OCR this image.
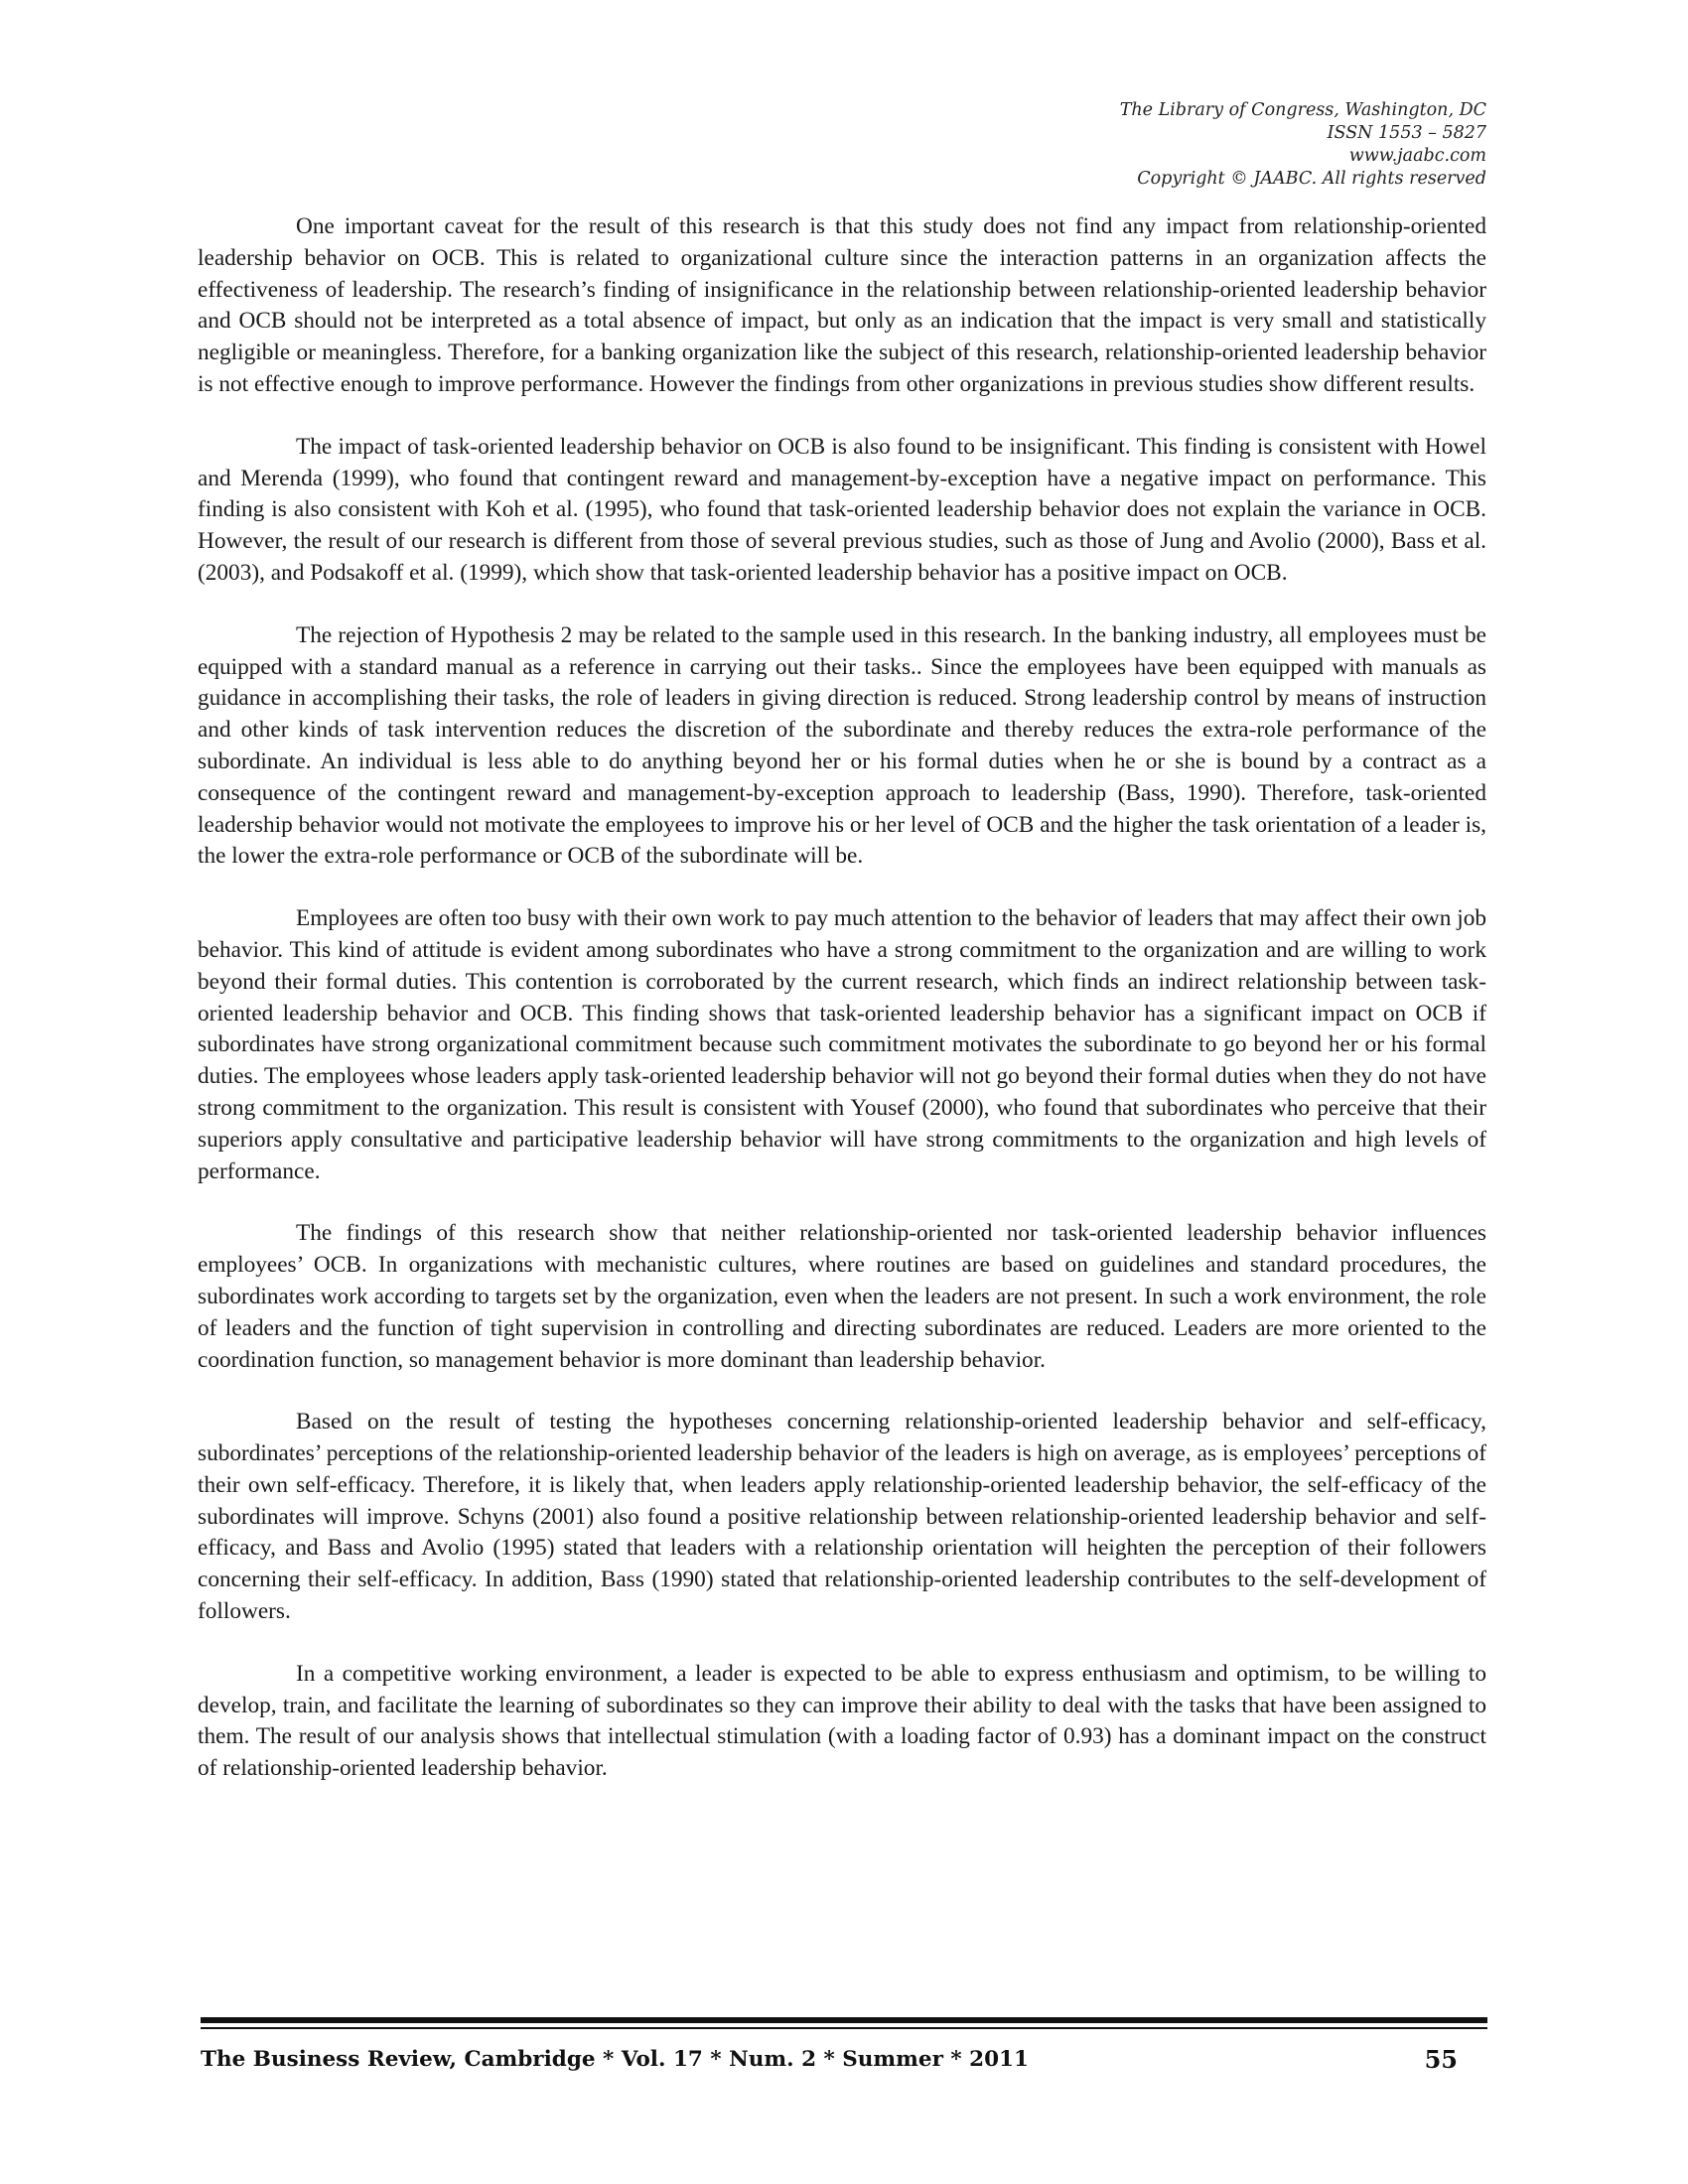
The Library of Congress, Washington, DC
ISSN 1553 – 5827
www.jaabc.com
Copyright © JAABC. All rights reserved

One important caveat for the result of this research is that this study does not find any impact from relationship-oriented leadership behavior on OCB. This is related to organizational culture since the interaction patterns in an organization affects the effectiveness of leadership. The research’s finding of insignificance in the relationship between relationship-oriented leadership behavior and OCB should not be interpreted as a total absence of impact, but only as an indication that the impact is very small and statistically negligible or meaningless. Therefore, for a banking organization like the subject of this research, relationship-oriented leadership behavior is not effective enough to improve performance. However the findings from other organizations in previous studies show different results.

The impact of task-oriented leadership behavior on OCB is also found to be insignificant. This finding is consistent with Howel and Merenda (1999), who found that contingent reward and management-by-exception have a negative impact on performance. This finding is also consistent with Koh et al. (1995), who found that task-oriented leadership behavior does not explain the variance in OCB. However, the result of our research is different from those of several previous studies, such as those of Jung and Avolio (2000), Bass et al. (2003), and Podsakoff et al. (1999), which show that task-oriented leadership behavior has a positive impact on OCB.

The rejection of Hypothesis 2 may be related to the sample used in this research. In the banking industry, all employees must be equipped with a standard manual as a reference in carrying out their tasks.. Since the employees have been equipped with manuals as guidance in accomplishing their tasks, the role of leaders in giving direction is reduced. Strong leadership control by means of instruction and other kinds of task intervention reduces the discretion of the subordinate and thereby reduces the extra-role performance of the subordinate. An individual is less able to do anything beyond her or his formal duties when he or she is bound by a contract as a consequence of the contingent reward and management-by-exception approach to leadership (Bass, 1990). Therefore, task-oriented leadership behavior would not motivate the employees to improve his or her level of OCB and the higher the task orientation of a leader is, the lower the extra-role performance or OCB of the subordinate will be.

Employees are often too busy with their own work to pay much attention to the behavior of leaders that may affect their own job behavior. This kind of attitude is evident among subordinates who have a strong commitment to the organization and are willing to work beyond their formal duties. This contention is corroborated by the current research, which finds an indirect relationship between task-oriented leadership behavior and OCB. This finding shows that task-oriented leadership behavior has a significant impact on OCB if subordinates have strong organizational commitment because such commitment motivates the subordinate to go beyond her or his formal duties. The employees whose leaders apply task-oriented leadership behavior will not go beyond their formal duties when they do not have strong commitment to the organization. This result is consistent with Yousef (2000), who found that subordinates who perceive that their superiors apply consultative and participative leadership behavior will have strong commitments to the organization and high levels of performance.

The findings of this research show that neither relationship-oriented nor task-oriented leadership behavior influences employees’ OCB. In organizations with mechanistic cultures, where routines are based on guidelines and standard procedures, the subordinates work according to targets set by the organization, even when the leaders are not present. In such a work environment, the role of leaders and the function of tight supervision in controlling and directing subordinates are reduced. Leaders are more oriented to the coordination function, so management behavior is more dominant than leadership behavior.

Based on the result of testing the hypotheses concerning relationship-oriented leadership behavior and self-efficacy, subordinates’ perceptions of the relationship-oriented leadership behavior of the leaders is high on average, as is employees’ perceptions of their own self-efficacy. Therefore, it is likely that, when leaders apply relationship-oriented leadership behavior, the self-efficacy of the subordinates will improve. Schyns (2001) also found a positive relationship between relationship-oriented leadership behavior and self-efficacy, and Bass and Avolio (1995) stated that leaders with a relationship orientation will heighten the perception of their followers concerning their self-efficacy. In addition, Bass (1990) stated that relationship-oriented leadership contributes to the self-development of followers.

In a competitive working environment, a leader is expected to be able to express enthusiasm and optimism, to be willing to develop, train, and facilitate the learning of subordinates so they can improve their ability to deal with the tasks that have been assigned to them. The result of our analysis shows that intellectual stimulation (with a loading factor of 0.93) has a dominant impact on the construct of relationship-oriented leadership behavior.

The Business Review, Cambridge * Vol. 17 * Num. 2 * Summer * 2011	55
